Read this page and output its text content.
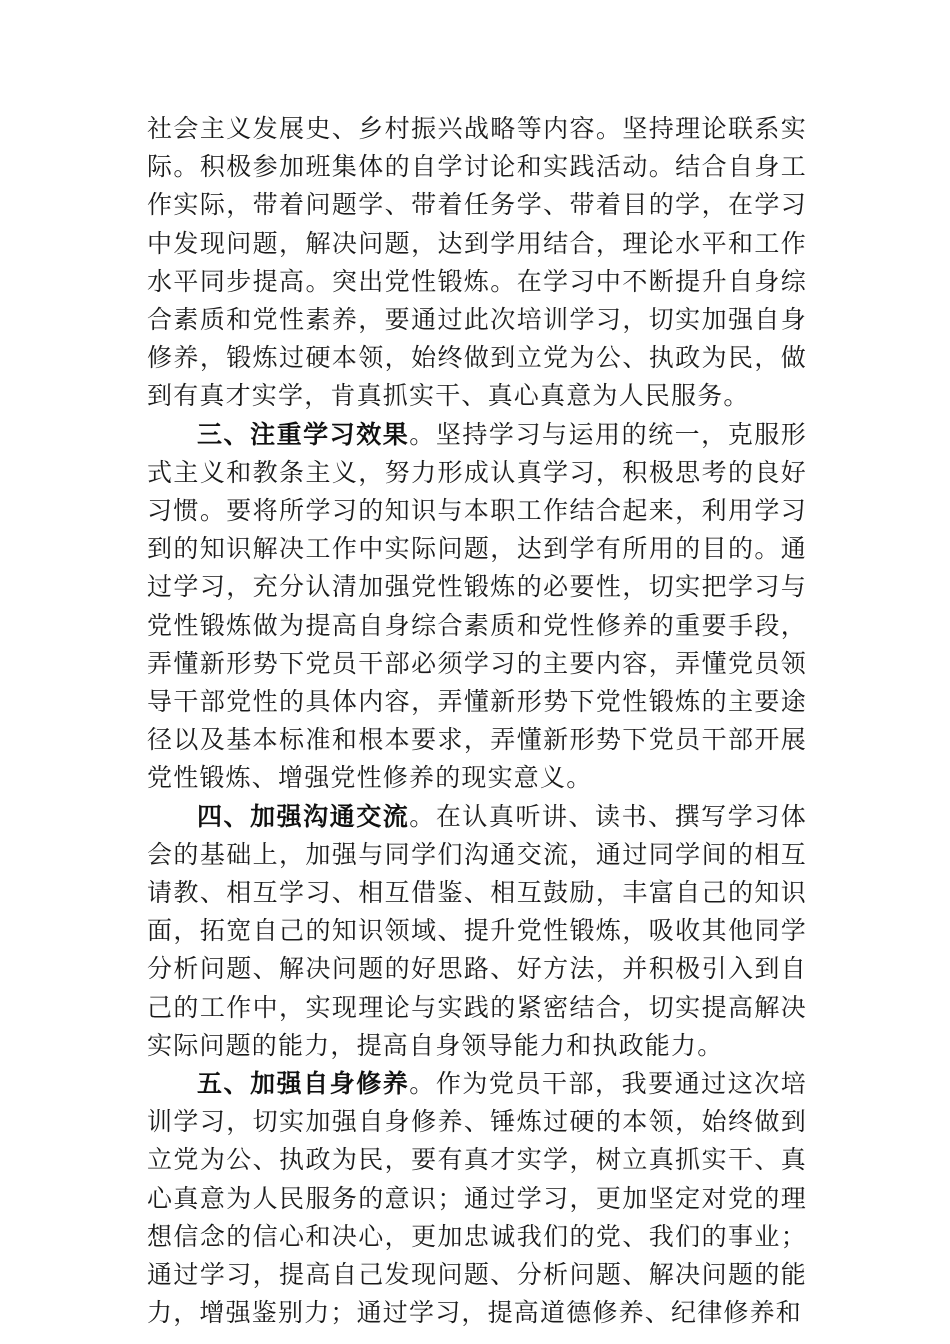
社会主义发展史、乡村振兴战略等内容。坚持理论联系实际。积极参加班集体的自学讨论和实践活动。结合自身工作实际，带着问题学、带着任务学、带着目的学，在学习中发现问题，解决问题，达到学用结合，理论水平和工作水平同步提高。突出党性锻炼。在学习中不断提升自身综合素质和党性素养，要通过此次培训学习，切实加强自身修养，锻炼过硬本领，始终做到立党为公、执政为民，做到有真才实学，肯真抓实干、真心真意为人民服务。

三、注重学习效果。坚持学习与运用的统一，克服形式主义和教条主义，努力形成认真学习，积极思考的良好习惯。要将所学习的知识与本职工作结合起来，利用学习到的知识解决工作中实际问题，达到学有所用的目的。通过学习，充分认清加强党性锻炼的必要性，切实把学习与党性锻炼做为提高自身综合素质和党性修养的重要手段，弄懂新形势下党员干部必须学习的主要内容，弄懂党员领导干部党性的具体内容，弄懂新形势下党性锻炼的主要途径以及基本标准和根本要求，弄懂新形势下党员干部开展党性锻炼、增强党性修养的现实意义。

四、加强沟通交流。在认真听讲、读书、撰写学习体会的基础上，加强与同学们沟通交流，通过同学间的相互请教、相互学习、相互借鉴、相互鼓励，丰富自己的知识面，拓宽自己的知识领域、提升党性锻炼，吸收其他同学分析问题、解决问题的好思路、好方法，并积极引入到自己的工作中，实现理论与实践的紧密结合，切实提高解决实际问题的能力，提高自身领导能力和执政能力。

五、加强自身修养。作为党员干部，我要通过这次培训学习，切实加强自身修养、锤炼过硬的本领，始终做到立党为公、执政为民，要有真才实学，树立真抓实干、真心真意为人民服务的意识；通过学习，更加坚定对党的理想信念的信心和决心，更加忠诚我们的党、我们的事业；通过学习，提高自己发现问题、分析问题、解决问题的能力，增强鉴别力；通过学习，提高道德修养、纪律修养和
